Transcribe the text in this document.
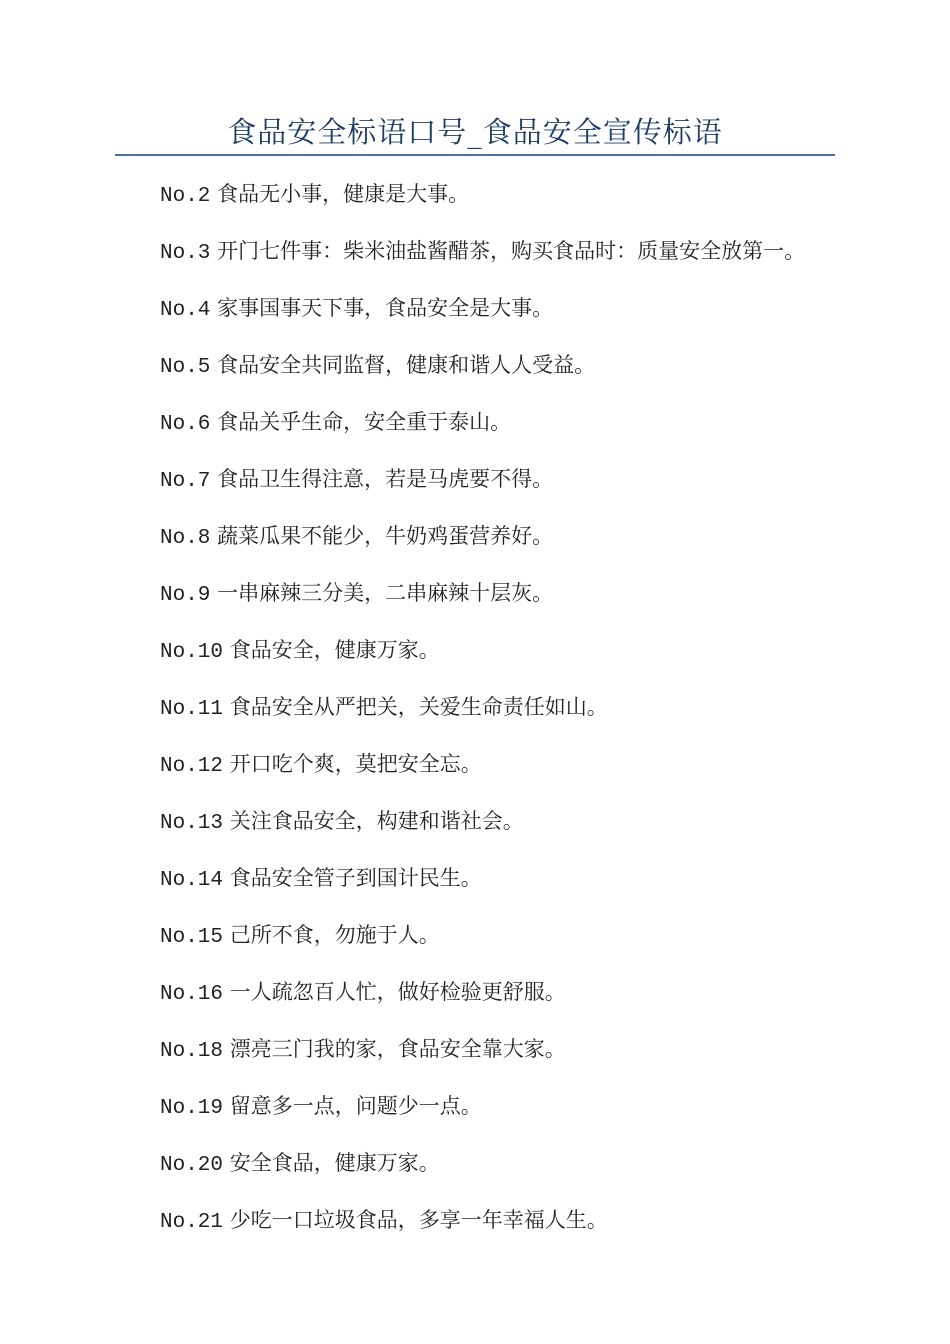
食品安全标语口号_食品安全宣传标语

No.2 食品无小事，健康是大事。

No.3 开门七件事：柴米油盐酱醋茶，购买食品时：质量安全放第一。

No.4 家事国事天下事，食品安全是大事。

No.5 食品安全共同监督，健康和谐人人受益。

No.6 食品关乎生命，安全重于泰山。

No.7 食品卫生得注意，若是马虎要不得。

No.8 蔬菜瓜果不能少，牛奶鸡蛋营养好。

No.9 一串麻辣三分美，二串麻辣十层灰。

No.10 食品安全，健康万家。

No.11 食品安全从严把关，关爱生命责任如山。

No.12 开口吃个爽，莫把安全忘。

No.13 关注食品安全，构建和谐社会。

No.14 食品安全管子到国计民生。

No.15 己所不食，勿施于人。

No.16 一人疏忽百人忙，做好检验更舒服。

No.18 漂亮三门我的家，食品安全靠大家。

No.19 留意多一点，问题少一点。

No.20 安全食品，健康万家。

No.21 少吃一口垃圾食品，多享一年幸福人生。
